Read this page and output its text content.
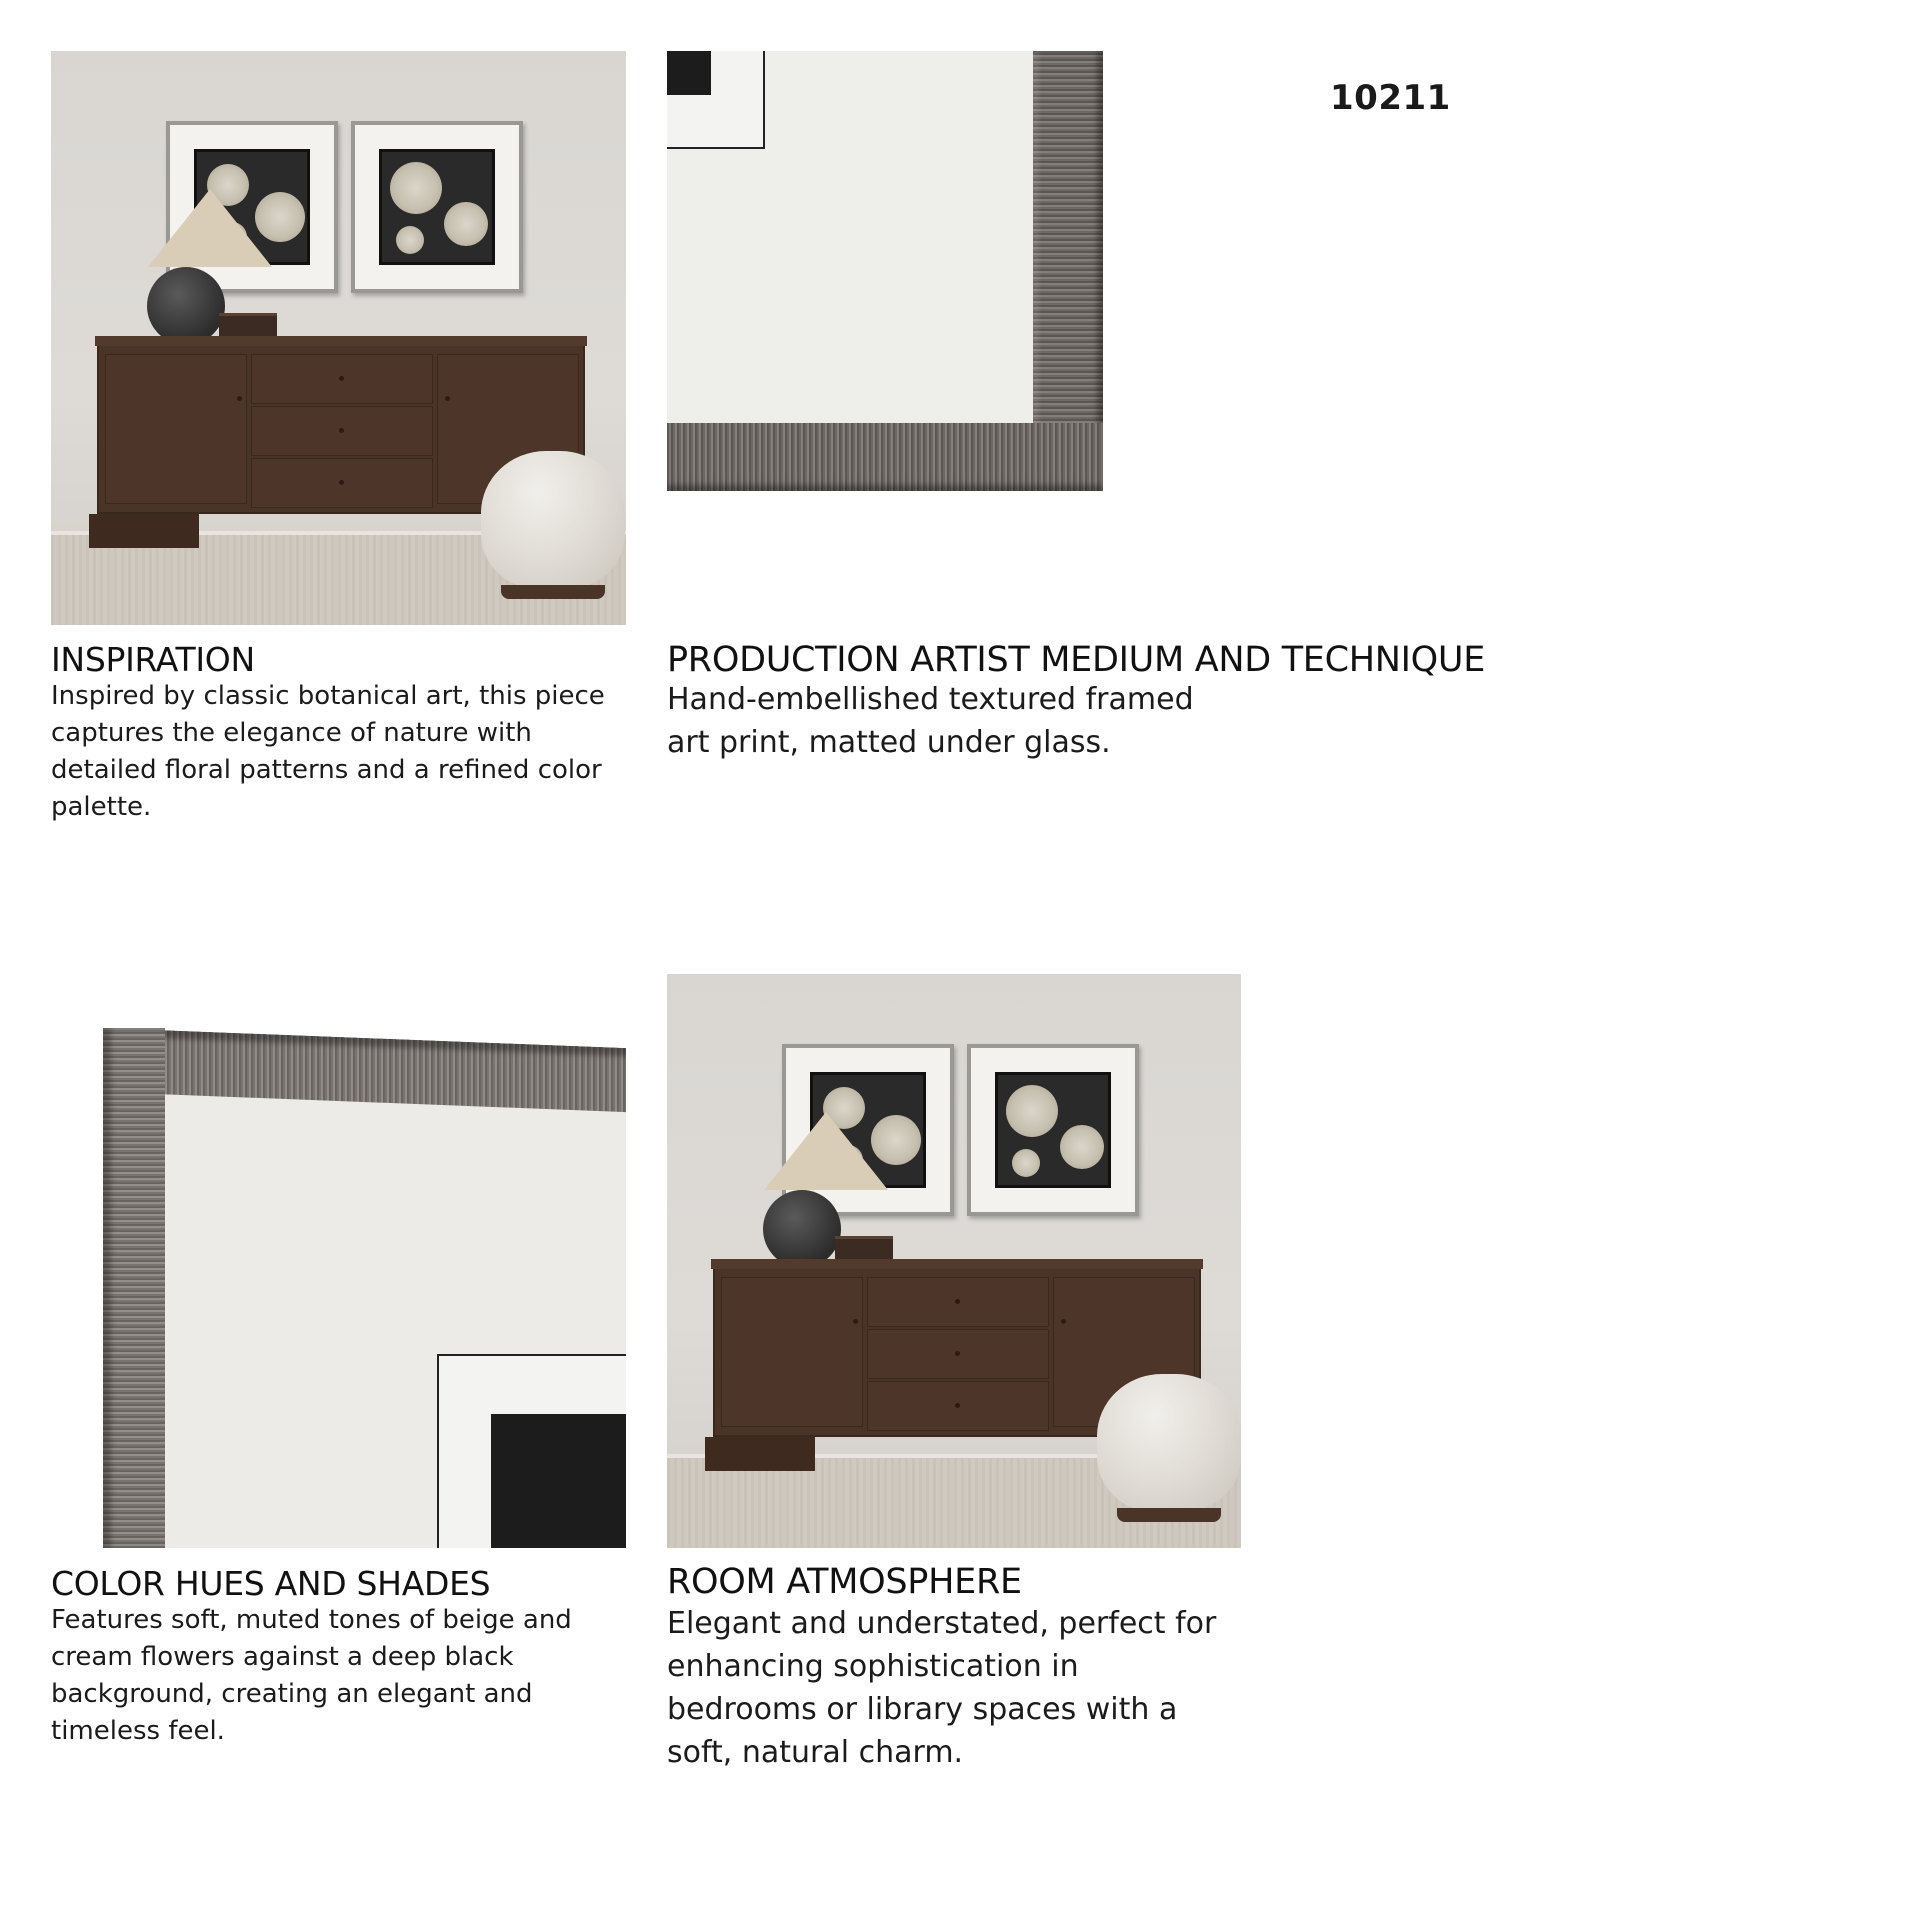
10211
INSPIRATION
Inspired by classic botanical art, this piece captures the elegance of nature with detailed floral patterns and a refined color palette.
PRODUCTION ARTIST MEDIUM AND TECHNIQUE
Hand-embellished textured framed art print, matted under glass.
COLOR HUES AND SHADES
Features soft, muted tones of beige and cream flowers against a deep black background, creating an elegant and timeless feel.
ROOM ATMOSPHERE
Elegant and understated, perfect for enhancing sophistication in bedrooms or library spaces with a soft, natural charm.
